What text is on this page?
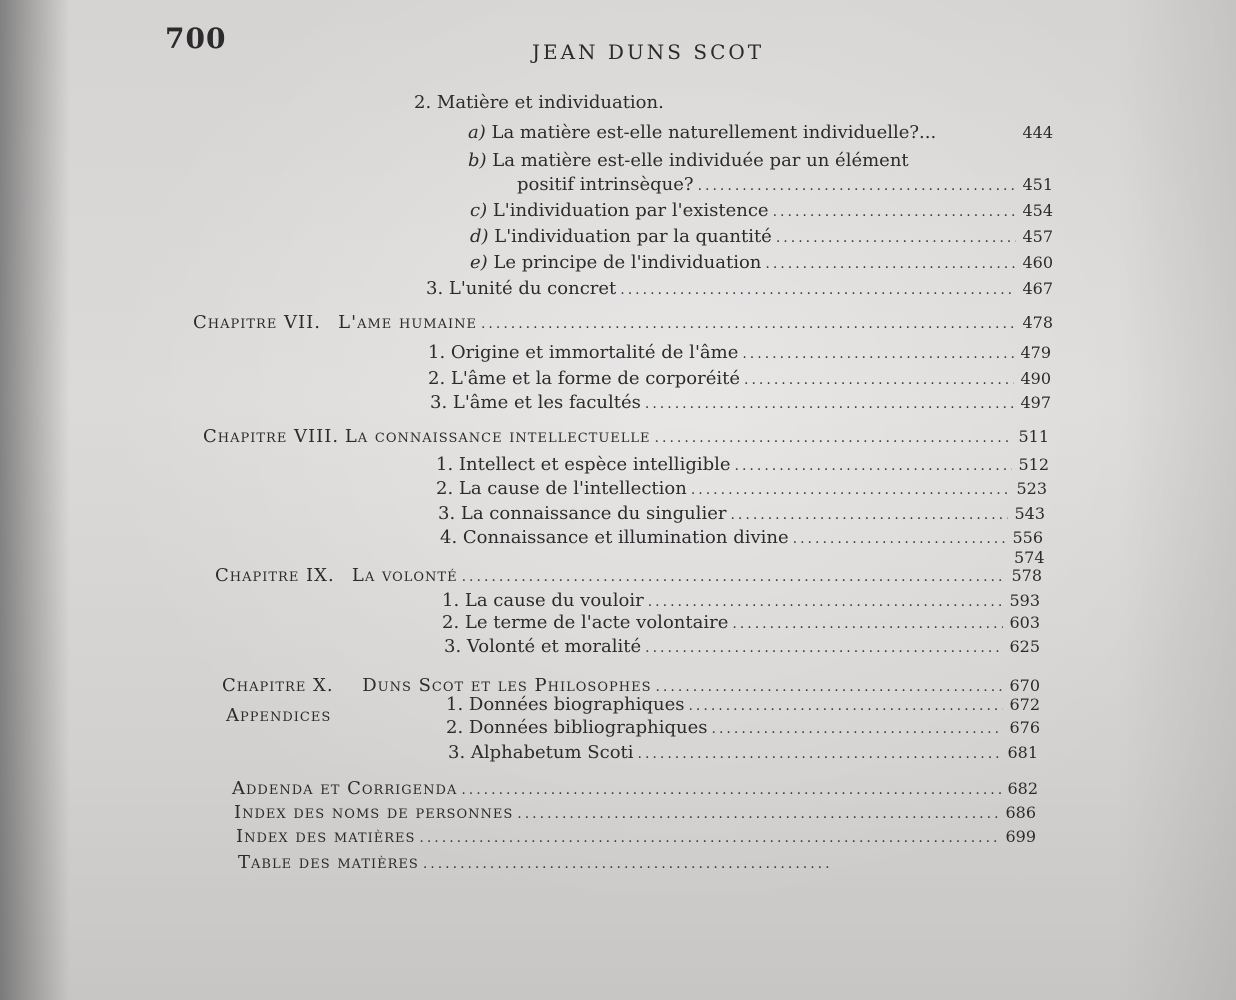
700	JEAN DUNS SCOT
2. Matière et individuation.
a) La matière est-elle naturellement individuelle?...	444
b) La matière est-elle individuée par un élément
positif intrinsèque? .....	451
c) L'individuation par l'existence .....	454
d) L'individuation par la quantité .....	457
e) Le principe de l'individuation .....	460
3. L'unité du concret .....	467
Chapitre VII. L'ame humaine .....	478
1. Origine et immortalité de l'âme .....	479
2. L'âme et la forme de corporéité .....	490
3. L'âme et les facultés .....	497
Chapitre VIII. La connaissance intellectuelle .....	511
1. Intellect et espèce intelligible .....	512
2. La cause de l'intellection .....	523
3. La connaissance du singulier .....	543
4. Connaissance et illumination divine .....	556
574
Chapitre IX. La volonté .....	578
1. La cause du vouloir .....	593
2. Le terme de l'acte volontaire .....	603
3. Volonté et moralité .....	625
Chapitre X. Duns Scot et les Philosophes .....	670
Appendices
1. Données biographiques .....	672
2. Données bibliographiques .....	676
3. Alphabetum Scoti .....	681
Addenda et Corrigenda .....	682
Index des noms de personnes .....	686
Index des matières .....	699
Table des matières
.....
